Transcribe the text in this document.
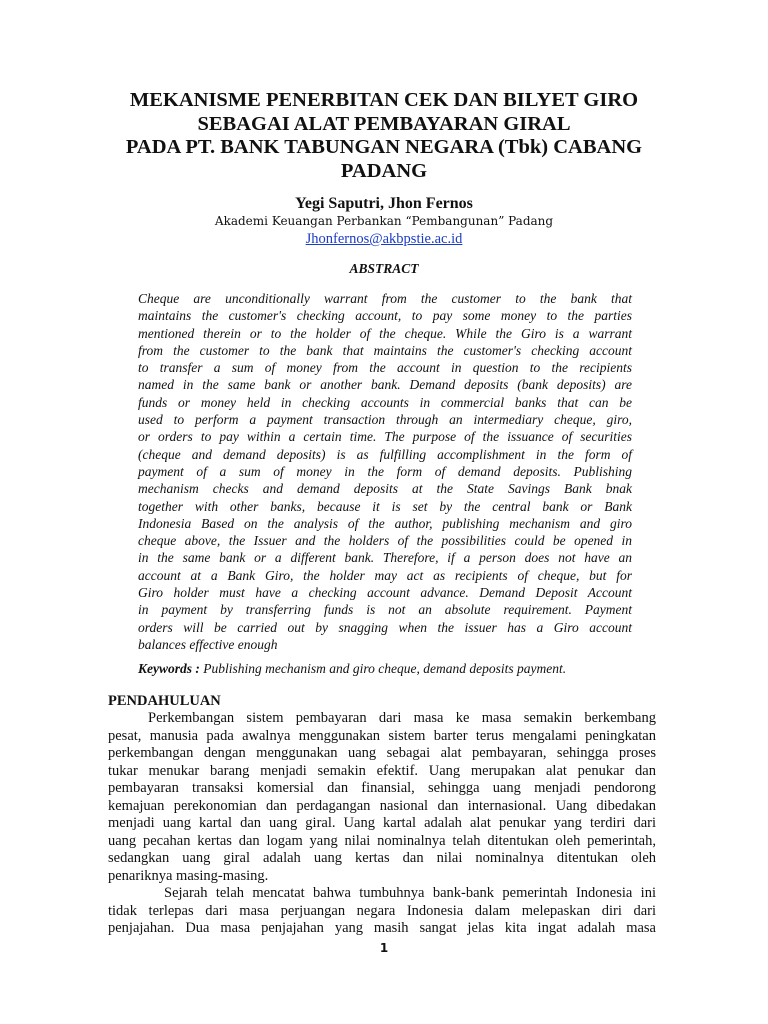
MEKANISME PENERBITAN CEK DAN BILYET GIRO
SEBAGAI ALAT PEMBAYARAN GIRAL
PADA PT. BANK TABUNGAN NEGARA (Tbk) CABANG
PADANG

Yegi Saputri, Jhon Fernos

Akademi Keuangan Perbankan “Pembangunan” Padang

Jhonfernos@akbpstie.ac.id
ABSTRACT
Cheque are unconditionally warrant from the customer to the bank that
maintains the customer's checking account, to pay some money to the parties
mentioned therein or to the holder of the cheque. While the Giro is a warrant
from the customer to the bank that maintains the customer's checking account
to transfer a sum of money from the account in question to the recipients
named in the same bank or another bank. Demand deposits (bank deposits) are
funds or money held in checking accounts in commercial banks that can be
used to perform a payment transaction through an intermediary cheque, giro,
or orders to pay within a certain time. The purpose of the issuance of securities
(cheque and demand deposits) is as fulfilling accomplishment in the form of
payment of a sum of money in the form of demand deposits. Publishing
mechanism checks and demand deposits at the State Savings Bank bnak
together with other banks, because it is set by the central bank or Bank
Indonesia Based on the analysis of the author, publishing mechanism and giro
cheque above, the Issuer and the holders of the possibilities could be opened in
in the same bank or a different bank. Therefore, if a person does not have an
account at a Bank Giro, the holder may act as recipients of cheque, but for
Giro holder must have a checking account advance. Demand Deposit Account
in payment by transferring funds is not an absolute requirement. Payment
orders will be carried out by snagging when the issuer has a Giro account
balances effective enough

Keywords : Publishing mechanism and giro cheque, demand deposits payment.

PENDAHULUAN
Perkembangan sistem pembayaran dari masa ke masa semakin berkembang
pesat, manusia pada awalnya menggunakan sistem barter terus mengalami peningkatan
perkembangan dengan menggunakan uang sebagai alat pembayaran, sehingga proses
tukar menukar barang menjadi semakin efektif. Uang merupakan alat penukar dan
pembayaran transaksi komersial dan finansial, sehingga uang menjadi pendorong
kemajuan perekonomian dan perdagangan nasional dan internasional. Uang dibedakan
menjadi uang kartal dan uang giral. Uang kartal adalah alat penukar yang terdiri dari
uang pecahan kertas dan logam yang nilai nominalnya telah ditentukan oleh pemerintah,
sedangkan uang giral adalah uang kertas dan nilai nominalnya ditentukan oleh
penariknya masing-masing.
Sejarah telah mencatat bahwa tumbuhnya bank-bank pemerintah Indonesia ini
tidak terlepas dari masa perjuangan negara Indonesia dalam melepaskan diri dari
penjajahan. Dua masa penjajahan yang masih sangat jelas kita ingat adalah masa
1
